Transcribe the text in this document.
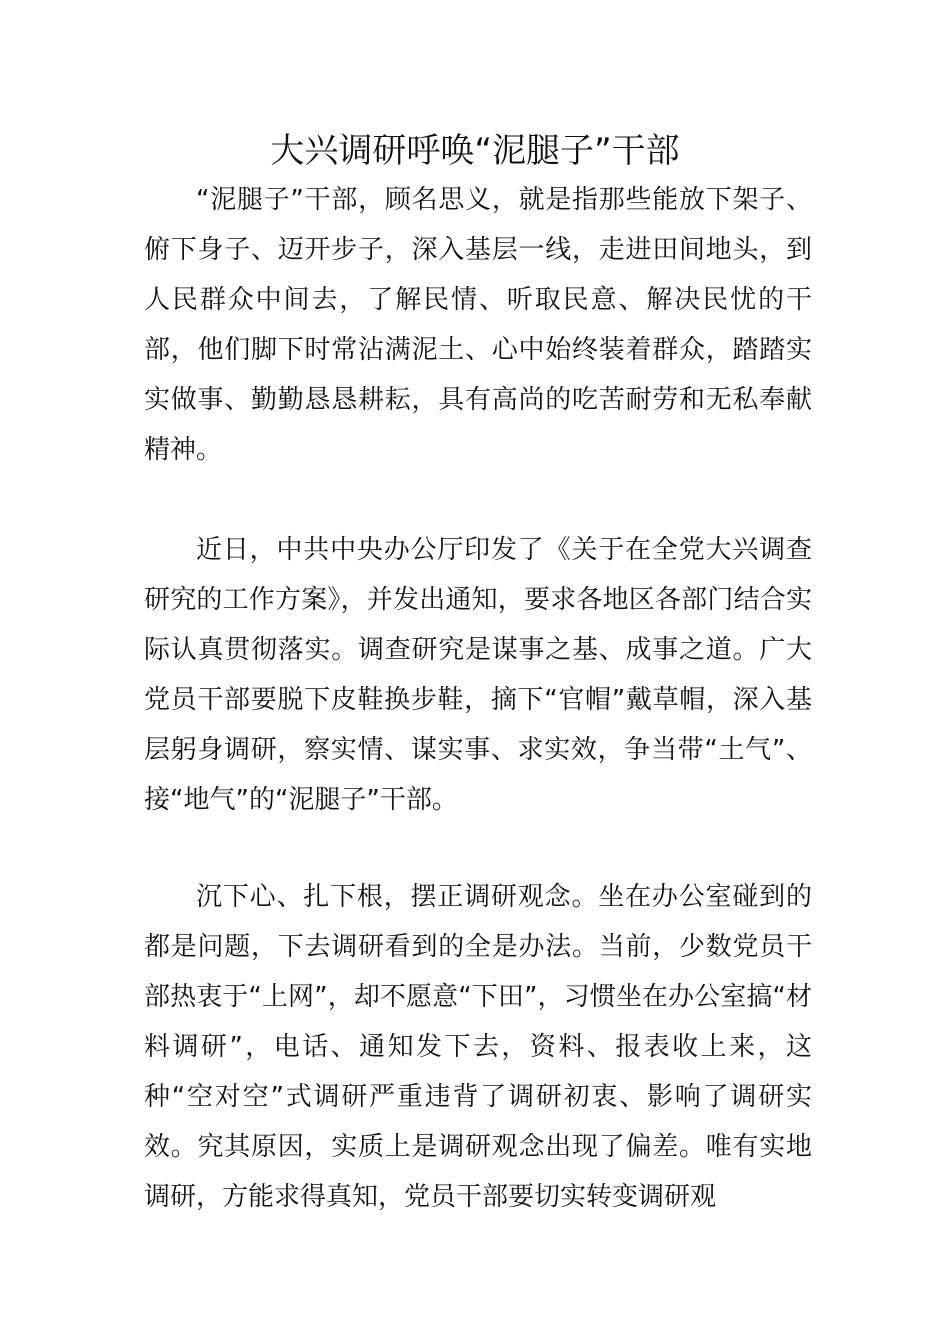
大兴调研呼唤“泥腿子”干部

“泥腿子”干部，顾名思义，就是指那些能放下架子、俯下身子、迈开步子，深入基层一线，走进田间地头，到人民群众中间去，了解民情、听取民意、解决民忧的干部，他们脚下时常沾满泥土、心中始终装着群众，踏踏实实做事、勤勤恳恳耕耘，具有高尚的吃苦耐劳和无私奉献精神。

近日，中共中央办公厅印发了《关于在全党大兴调查研究的工作方案》，并发出通知，要求各地区各部门结合实际认真贯彻落实。调查研究是谋事之基、成事之道。广大党员干部要脱下皮鞋换步鞋，摘下“官帽”戴草帽，深入基层躬身调研，察实情、谋实事、求实效，争当带“土气”、接“地气”的“泥腿子”干部。

沉下心、扎下根，摆正调研观念。坐在办公室碰到的都是问题，下去调研看到的全是办法。当前，少数党员干部热衷于“上网”，却不愿意“下田”，习惯坐在办公室搞“材料调研”，电话、通知发下去，资料、报表收上来，这种“空对空”式调研严重违背了调研初衷、影响了调研实效。究其原因，实质上是调研观念出现了偏差。唯有实地调研，方能求得真知，党员干部要切实转变调研观
